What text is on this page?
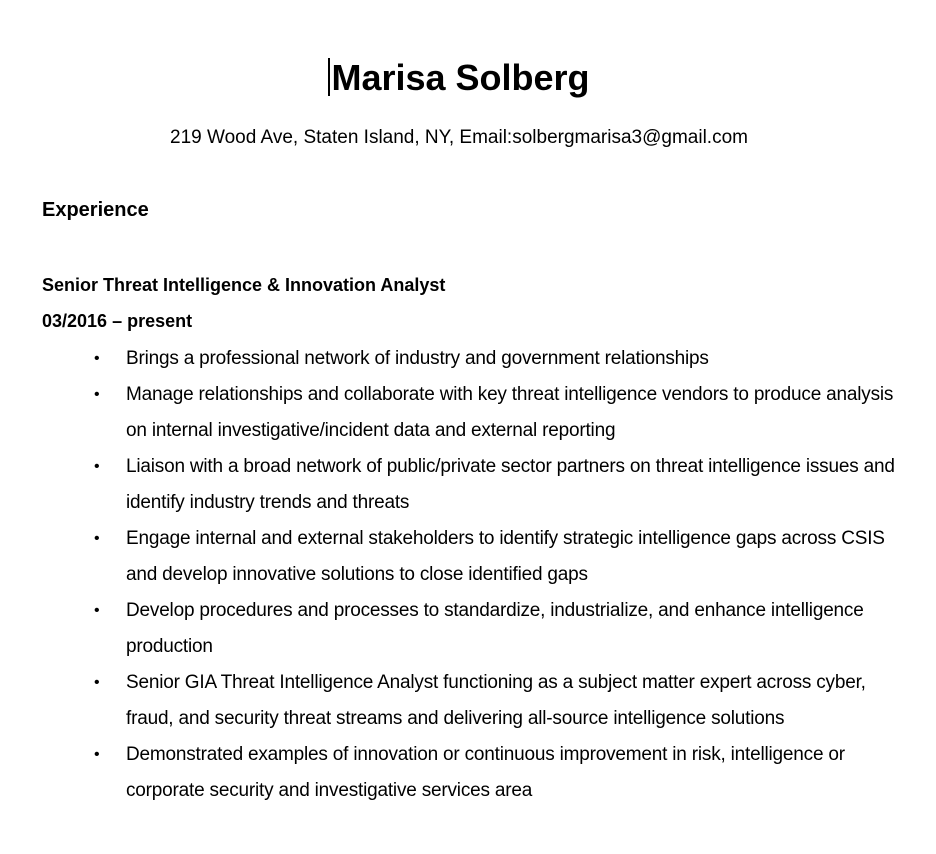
Marisa Solberg
219 Wood Ave, Staten Island, NY, Email:solbergmarisa3@gmail.com
Experience
Senior Threat Intelligence & Innovation Analyst
03/2016 – present
• Brings a professional network of industry and government relationships
• Manage relationships and collaborate with key threat intelligence vendors to produce analysis on internal investigative/incident data and external reporting
• Liaison with a broad network of public/private sector partners on threat intelligence issues and identify industry trends and threats
• Engage internal and external stakeholders to identify strategic intelligence gaps across CSIS and develop innovative solutions to close identified gaps
• Develop procedures and processes to standardize, industrialize, and enhance intelligence production
• Senior GIA Threat Intelligence Analyst functioning as a subject matter expert across cyber, fraud, and security threat streams and delivering all-source intelligence solutions
• Demonstrated examples of innovation or continuous improvement in risk, intelligence or corporate security and investigative services area
